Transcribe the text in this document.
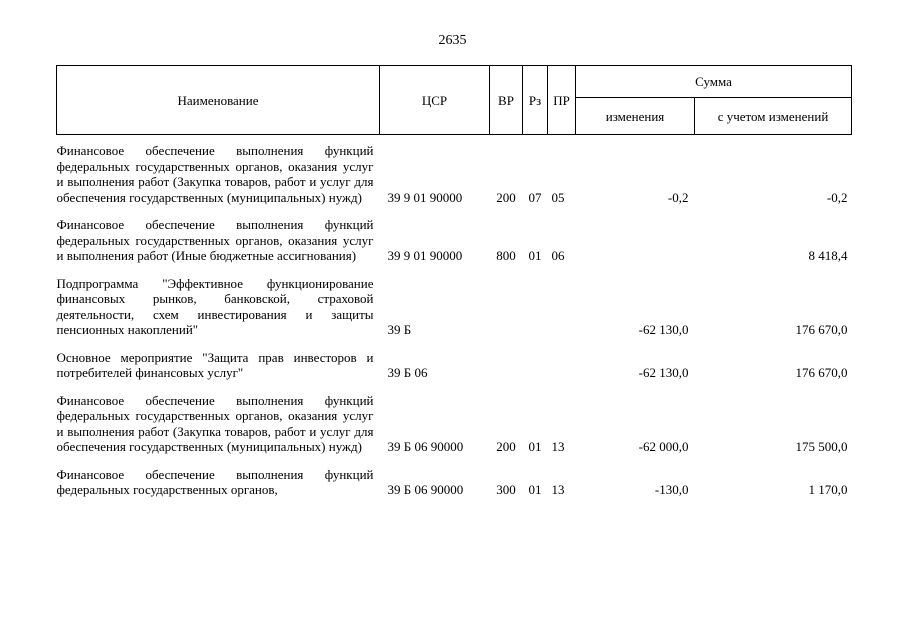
2635
Наименование	ЦСР	ВР	Рз	ПР	Сумма	
					изменения	с учетом изменений

Финансовое обеспечение выполнения функций федеральных государственных органов, оказания услуг и выполнения работ (Закупка товаров, работ и услуг для обеспечения государственных (муниципальных) нужд)	39 9 01 90000	200	07	05	-0,2	-0,2

Финансовое обеспечение выполнения функций федеральных государственных органов, оказания услуг и выполнения работ (Иные бюджетные ассигнования)	39 9 01 90000	800	01	06		8 418,4

Подпрограмма "Эффективное функционирование финансовых рынков, банковской, страховой деятельности, схем инвестирования и защиты пенсионных накоплений"	39 Б				-62 130,0	176 670,0

Основное мероприятие "Защита прав инвесторов и потребителей финансовых услуг"	39 Б 06				-62 130,0	176 670,0

Финансовое обеспечение выполнения функций федеральных государственных органов, оказания услуг и выполнения работ (Закупка товаров, работ и услуг для обеспечения государственных (муниципальных) нужд)	39 Б 06 90000	200	01	13	-62 000,0	175 500,0

Финансовое обеспечение выполнения функций федеральных государственных органов,	39 Б 06 90000	300	01	13	-130,0	1 170,0
